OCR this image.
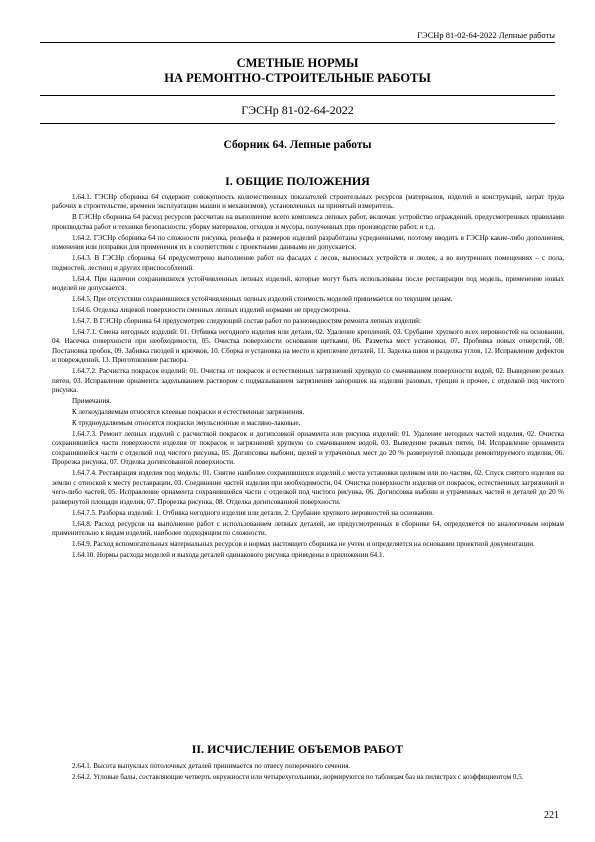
ГЭСНр 81-02-64-2022 Лепные работы
СМЕТНЫЕ НОРМЫ
НА РЕМОНТНО-СТРОИТЕЛЬНЫЕ РАБОТЫ
ГЭСНр 81-02-64-2022
Сборник 64. Лепные работы
I. ОБЩИЕ ПОЛОЖЕНИЯ

1.64.1. ГЭСНр сборника 64 содержит совокупность количественных показателей строительных ресурсов (материалов, изделий и конструкций, затрат труда рабочих в строительстве, времени эксплуатации машин и механизмов), установленных на принятый измеритель.

В ГЭСНр сборника 64 расход ресурсов рассчитан на выполнение всего комплекса лепных работ, включая: устройство ограждений, предусмотренных правилами производства работ и техники безопасности, уборку материалов, отходов и мусора, полученных при производстве работ, и т.д.

1.64.2. ГЭСНр сборника 64 по сложности рисунка, рельефа и размеров изделий разработаны усредненными, поэтому вводить в ГЭСНр какие-либо дополнения, изменения или поправки для применения их в соответствии с проектными данными не допускается.

1.64.3. В ГЭСНр сборника 64 предусмотрено выполнение работ на фасадах с лесов, выносных устройств и люлек, а во внутренних помещениях – с пола, подмостей, лестниц и других приспособлений.

1.64.4. При наличии сохранившихся устойчивленных лепных изделий, которые могут быть использованы после реставрации под модель, применение новых моделей не допускается.

1.64.5. При отсутствии сохранившихся устойчивленных лепных изделий стоимость моделей принимается по текущим ценам.

1.64.6. Отделка лицевой поверхности сменных лепных изделий нормами не предусмотрена.

1.64.7. В ГЭСНр сборника 64 предусмотрен следующий состав работ по разновидностям ремонта лепных изделий:

1.64.7.1. Смена негодных изделий: 01. Отбивка негодного изделия или детали, 02. Удаление креплений, 03. Срубание хрупкого всех неровностей на основании, 04. Насечка поверхности при необходимости, 05. Очистка поверхности основания щетками, 06. Разметка мест установки, 07. Пробивка новых отверстий, 08. Постановка пробок, 09. Забивка гвоздей и крючков, 10. Сборка и установка на место и крепление деталей, 11. Заделка швов и разделка углов, 12. Исправление дефектов и повреждений, 13. Приготовление раствора.

1.64.7.2. Расчистка покрасок изделий: 01. Очистка от покрасок и естественных загрязнений хрупкую со смачиванием поверхности водой, 02. Выведение резных пятен, 03. Исправление орнамента заделыванием раствором с подмазыванием загрязнения запорошек на изделии разовых, трещин и прочее, с отделкой под чистого рисунка.

Примечания.

К легкоудаляемым относятся клеевые покраски и естественные загрязнения.

К трудноудаляемым относятся покраски эмульсионные и масляно-лаковые.

1.64.7.3. Ремонт лепных изделий с расчисткой покрасок и догипсовкой орнамента или рисунка изделий: 01. Удаление негодных частей изделия, 02. Очистка сохранившейся части поверхности изделия от покрасок и загрязнений хрупкую со смачиванием водой, 03. Выведение ржавых пятен, 04. Исправление орнамента сохранившейся части с отделкой под чистого рисунка, 05. Догипсовка выбоин, щелей и утраченных мест до 20 % развернутой площади ремонтируемого изделия, 06. Прорезка рисунка, 07. Отделка догипсованной поверхности.

1.64.7.4. Реставрация изделия под модель: 01. Снятие наиболее сохранившихся изделий с места установки целиком или по частям, 02. Спуск снятого изделия на землю с отноской к месту реставрации, 03. Соединение частей изделия при необходимости, 04. Очистка поверхности изделия от покрасок, естественных загрязнений и чего-либо частей, 05. Исправление орнамента сохранившейся части с отделкой под чистого рисунка, 06. Догипсовка выбоин и утраченных частей и деталей до 20 % развернутой площади изделия, 07. Прорезка рисунка, 08. Отделка догипсованной поверхности.

1.64.7.5. Разборка изделий: 1. Отбивка негодного изделия или детали, 2. Срубание хрупкого неровностей на основании.

1.64.8. Расход ресурсов на выполнение работ с использованием лепных деталей, не предусмотренных в сборнике 64, определяется по аналогичным нормам применительно к видам изделий, наиболее подходящим по сложности.

1.64.9. Расход вспомогательных материальных ресурсов в нормах настоящего сборника не учтен и определяется на основании проектной документации.

1.64.10. Нормы расхода моделей и выхода деталей одинакового рисунка приведены в приложении 64.1.

II. ИСЧИСЛЕНИЕ ОБЪЕМОВ РАБОТ

2.64.1. Высота выпуклых потолочных деталей принимается по отвесу поперечного сечения.

2.64.2. Угловые балы, составляющие четверть окружности или четырехугольники, нормируются по таблицам баз на пилястрах с коэффициентом 0,5.

221
